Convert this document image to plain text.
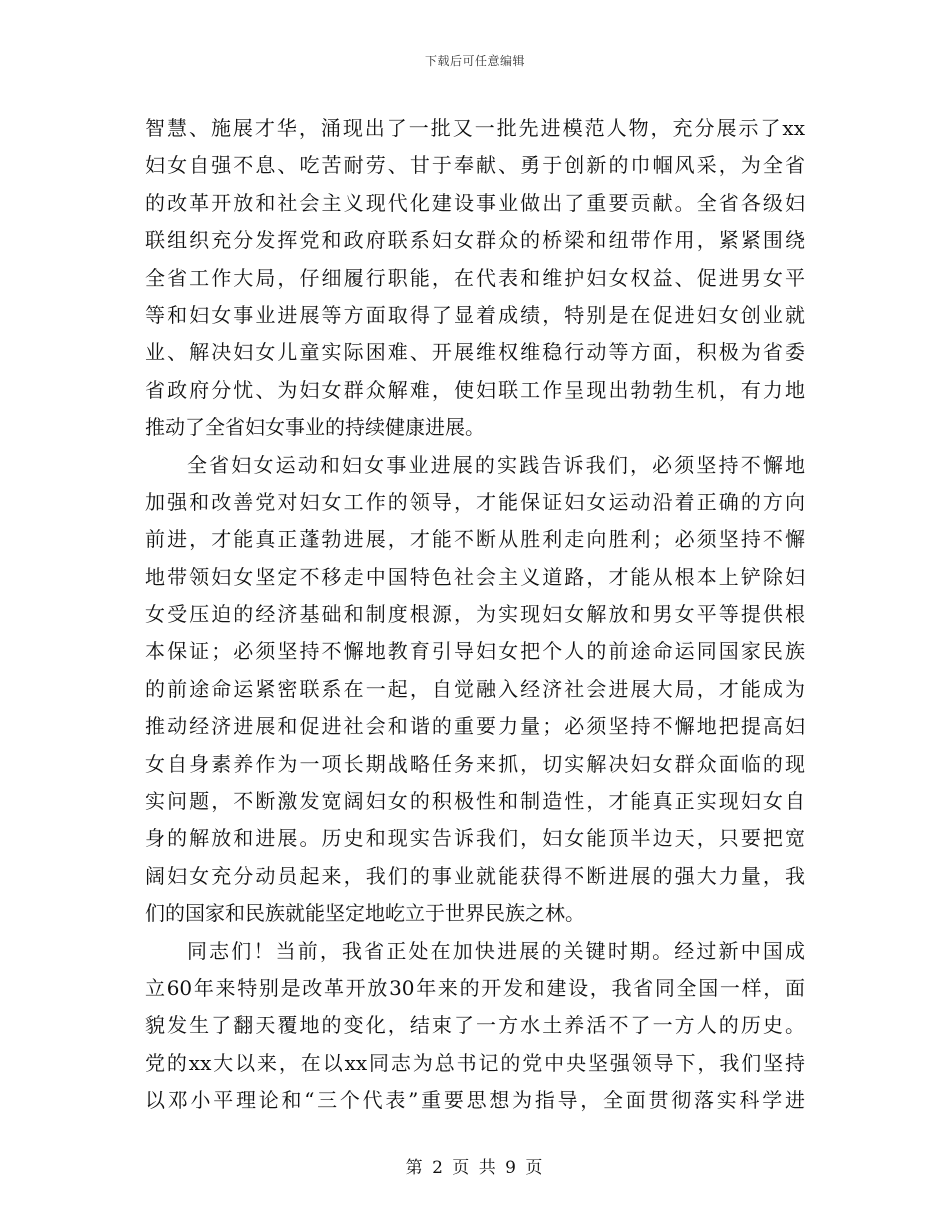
下载后可任意编辑
智慧、施展才华，涌现出了一批又一批先进模范人物，充分展示了xx
妇女自强不息、吃苦耐劳、甘于奉献、勇于创新的巾帼风采，为全省
的改革开放和社会主义现代化建设事业做出了重要贡献。全省各级妇
联组织充分发挥党和政府联系妇女群众的桥梁和纽带作用，紧紧围绕
全省工作大局，仔细履行职能，在代表和维护妇女权益、促进男女平
等和妇女事业进展等方面取得了显着成绩，特别是在促进妇女创业就
业、解决妇女儿童实际困难、开展维权维稳行动等方面，积极为省委
省政府分忧、为妇女群众解难，使妇联工作呈现出勃勃生机，有力地
推动了全省妇女事业的持续健康进展。
全省妇女运动和妇女事业进展的实践告诉我们，必须坚持不懈地
加强和改善党对妇女工作的领导，才能保证妇女运动沿着正确的方向
前进，才能真正蓬勃进展，才能不断从胜利走向胜利；必须坚持不懈
地带领妇女坚定不移走中国特色社会主义道路，才能从根本上铲除妇
女受压迫的经济基础和制度根源，为实现妇女解放和男女平等提供根
本保证；必须坚持不懈地教育引导妇女把个人的前途命运同国家民族
的前途命运紧密联系在一起，自觉融入经济社会进展大局，才能成为
推动经济进展和促进社会和谐的重要力量；必须坚持不懈地把提高妇
女自身素养作为一项长期战略任务来抓，切实解决妇女群众面临的现
实问题，不断激发宽阔妇女的积极性和制造性，才能真正实现妇女自
身的解放和进展。历史和现实告诉我们，妇女能顶半边天，只要把宽
阔妇女充分动员起来，我们的事业就能获得不断进展的强大力量，我
们的国家和民族就能坚定地屹立于世界民族之林。
同志们！当前，我省正处在加快进展的关键时期。经过新中国成
立60年来特别是改革开放30年来的开发和建设，我省同全国一样，面
貌发生了翻天覆地的变化，结束了一方水土养活不了一方人的历史。
党的xx大以来，在以xx同志为总书记的党中央坚强领导下，我们坚持
以邓小平理论和“三个代表”重要思想为指导，全面贯彻落实科学进
第 2 页 共 9 页
